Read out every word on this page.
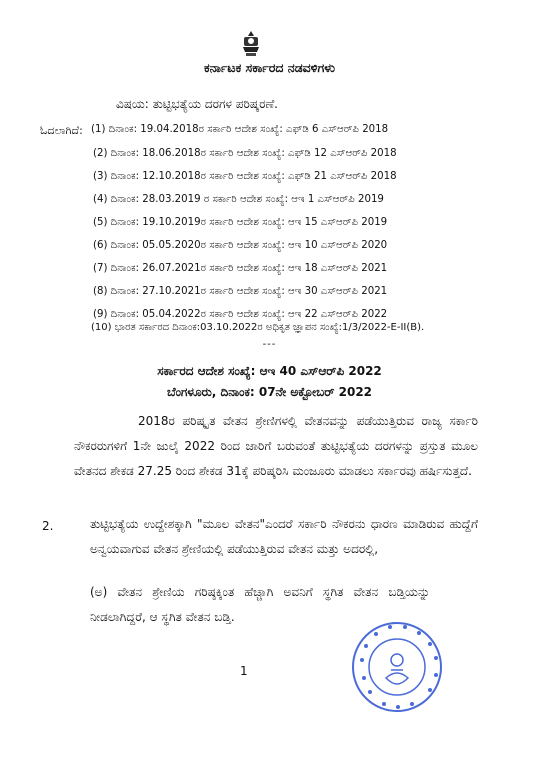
ಕರ್ನಾಟಕ ಸರ್ಕಾರದ ನಡವಳಿಗಳು
ವಿಷಯ: ತುಟ್ಟಿಭತ್ಯೆಯ ದರಗಳ ಪರಿಷ್ಕರಣೆ.
ಓದಲಾಗಿದೆ: (1) ದಿನಾಂಕ: 19.04.2018ರ ಸರ್ಕಾರಿ ಆದೇಶ ಸಂಖ್ಯೆ: ಎಫ್‌ಡಿ 6 ಎಸ್‌ಆರ್‌ಪಿ 2018
(2) ದಿನಾಂಕ: 18.06.2018ರ ಸರ್ಕಾರಿ ಆದೇಶ ಸಂಖ್ಯೆ: ಎಫ್‌ಡಿ 12 ಎಸ್‌ಆರ್‌ಪಿ 2018
(3) ದಿನಾಂಕ: 12.10.2018ರ ಸರ್ಕಾರಿ ಆದೇಶ ಸಂಖ್ಯೆ: ಎಫ್‌ಡಿ 21 ಎಸ್‌ಆರ್‌ಪಿ 2018
(4) ದಿನಾಂಕ: 28.03.2019 ರ ಸರ್ಕಾರಿ ಆದೇಶ ಸಂಖ್ಯೆ: ಆಇ 1 ಎಸ್‌ಆರ್‌ಪಿ 2019
(5) ದಿನಾಂಕ: 19.10.2019ರ ಸರ್ಕಾರಿ ಆದೇಶ ಸಂಖ್ಯೆ: ಆಇ 15 ಎಸ್‌ಆರ್‌ಪಿ 2019
(6) ದಿನಾಂಕ: 05.05.2020ರ ಸರ್ಕಾರಿ ಆದೇಶ ಸಂಖ್ಯೆ: ಆಇ 10 ಎಸ್‌ಆರ್‌ಪಿ 2020
(7) ದಿನಾಂಕ: 26.07.2021ರ ಸರ್ಕಾರಿ ಆದೇಶ ಸಂಖ್ಯೆ: ಆಇ 18 ಎಸ್‌ಆರ್‌ಪಿ 2021
(8) ದಿನಾಂಕ: 27.10.2021ರ ಸರ್ಕಾರಿ ಆದೇಶ ಸಂಖ್ಯೆ: ಆಇ 30 ಎಸ್‌ಆರ್‌ಪಿ 2021
(9) ದಿನಾಂಕ: 05.04.2022ರ ಸರ್ಕಾರಿ ಆದೇಶ ಸಂಖ್ಯೆ: ಆಇ 22 ಎಸ್‌ಆರ್‌ಪಿ 2022
(10) ಭಾರತ ಸರ್ಕಾರದ ದಿನಾಂಕ:03.10.2022ರ ಅಧಿಕೃತ ಜ್ಞಾಪನ ಸಂಖ್ಯೆ:1/3/2022-E-II(B).
---
ಸರ್ಕಾರದ ಆದೇಶ ಸಂಖ್ಯೆ: ಆಇ 40 ಎಸ್‌ಆರ್‌ಪಿ 2022
ಬೆಂಗಳೂರು, ದಿನಾಂಕ: 07ನೇ ಅಕ್ಟೋಬರ್ 2022
2018ರ ಪರಿಷ್ಕೃತ ವೇತನ ಶ್ರೇಣಿಗಳಲ್ಲಿ ವೇತನವನ್ನು ಪಡೆಯುತ್ತಿರುವ ರಾಜ್ಯ ಸರ್ಕಾರಿ ನೌಕರರುಗಳಿಗೆ 1ನೇ ಜುಲೈ 2022 ರಿಂದ ಜಾರಿಗೆ ಬರುವಂತೆ ತುಟ್ಟಿಭತ್ಯೆಯ ದರಗಳನ್ನು ಪ್ರಸ್ತುತ ಮೂಲ ವೇತನದ ಶೇಕಡ 27.25 ರಿಂದ ಶೇಕಡ 31ಕ್ಕೆ ಪರಿಷ್ಕರಿಸಿ ಮಂಜೂರು ಮಾಡಲು ಸರ್ಕಾರವು ಹರ್ಷಿಸುತ್ತದೆ.
2.	ತುಟ್ಟಿಭತ್ಯೆಯ ಉದ್ದೇಶಕ್ಕಾಗಿ "ಮೂಲ ವೇತನ"ಎಂದರೆ ಸರ್ಕಾರಿ ನೌಕರನು ಧಾರಣ ಮಾಡಿರುವ ಹುದ್ದೆಗೆ ಅನ್ವಯವಾಗುವ ವೇತನ ಶ್ರೇಣಿಯಲ್ಲಿ ಪಡೆಯುತ್ತಿರುವ ವೇತನ ಮತ್ತು ಅದರಲ್ಲಿ,
(ಅ) ವೇತನ ಶ್ರೇಣಿಯ ಗರಿಷ್ಠಕ್ಕಿಂತ ಹೆಚ್ಚಾಗಿ ಅವನಿಗೆ ಸ್ಥಗಿತ ವೇತನ ಬಡ್ತಿಯನ್ನು ನೀಡಲಾಗಿದ್ದರೆ, ಆ ಸ್ಥಗಿತ ವೇತನ ಬಡ್ತಿ.
1
